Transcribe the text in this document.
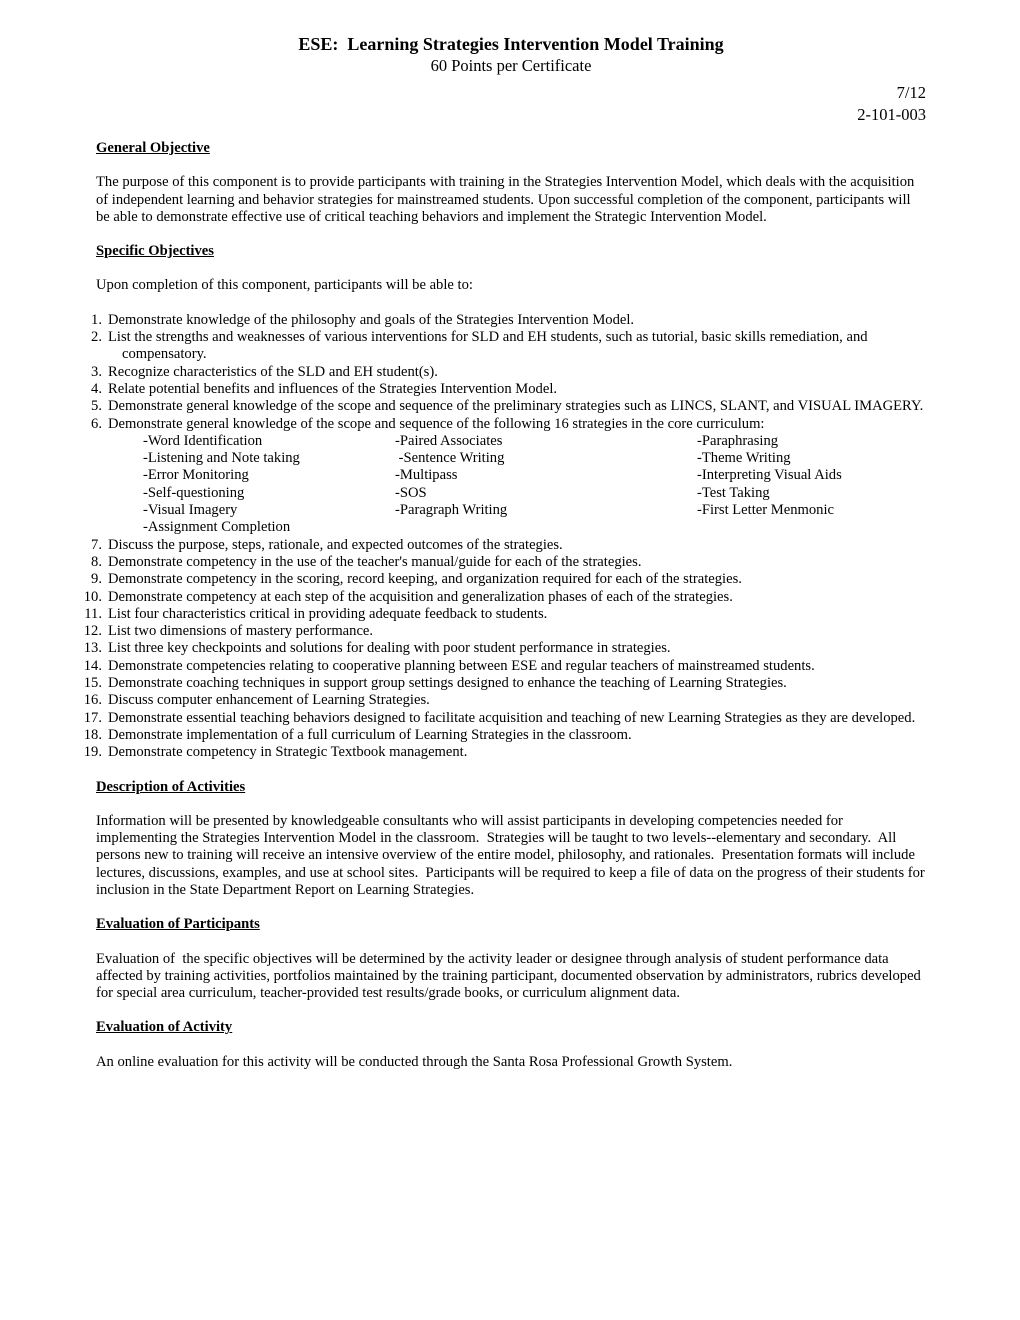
ESE:  Learning Strategies Intervention Model Training
60 Points per Certificate
7/12
2-101-003
General Objective

The purpose of this component is to provide participants with training in the Strategies Intervention Model, which deals with the acquisition of independent learning and behavior strategies for mainstreamed students. Upon successful completion of the component, participants will be able to demonstrate effective use of critical teaching behaviors and implement the Strategic Intervention Model.

Specific Objectives

Upon completion of this component, participants will be able to:

1. Demonstrate knowledge of the philosophy and goals of the Strategies Intervention Model.
2. List the strengths and weaknesses of various interventions for SLD and EH students, such as tutorial, basic skills remediation, and compensatory.
3. Recognize characteristics of the SLD and EH student(s).
4. Relate potential benefits and influences of the Strategies Intervention Model.
5. Demonstrate general knowledge of the scope and sequence of the preliminary strategies such as LINCS, SLANT, and VISUAL IMAGERY.
6. Demonstrate general knowledge of the scope and sequence of the following 16 strategies in the core curriculum:
-Word Identification
-Listening and Note taking
-Error Monitoring
-Self-questioning
-Visual Imagery
-Assignment Completion
-Paired Associates
-Sentence Writing
-Multipass
-SOS
-Paragraph Writing
-Paraphrasing
-Theme Writing
-Interpreting Visual Aids
-Test Taking
-First Letter Menmonic
7. Discuss the purpose, steps, rationale, and expected outcomes of the strategies.
8. Demonstrate competency in the use of the teacher's manual/guide for each of the strategies.
9. Demonstrate competency in the scoring, record keeping, and organization required for each of the strategies.
10. Demonstrate competency at each step of the acquisition and generalization phases of each of the strategies.
11. List four characteristics critical in providing adequate feedback to students.
12. List two dimensions of mastery performance.
13. List three key checkpoints and solutions for dealing with poor student performance in strategies.
14. Demonstrate competencies relating to cooperative planning between ESE and regular teachers of mainstreamed students.
15. Demonstrate coaching techniques in support group settings designed to enhance the teaching of Learning Strategies.
16. Discuss computer enhancement of Learning Strategies.
17. Demonstrate essential teaching behaviors designed to facilitate acquisition and teaching of new Learning Strategies as they are developed.
18. Demonstrate implementation of a full curriculum of Learning Strategies in the classroom.
19. Demonstrate competency in Strategic Textbook management.
Description of Activities

Information will be presented by knowledgeable consultants who will assist participants in developing competencies needed for implementing the Strategies Intervention Model in the classroom.  Strategies will be taught to two levels--elementary and secondary.  All persons new to training will receive an intensive overview of the entire model, philosophy, and rationales.  Presentation formats will include lectures, discussions, examples, and use at school sites.  Participants will be required to keep a file of data on the progress of their students for inclusion in the State Department Report on Learning Strategies.

Evaluation of Participants

Evaluation of  the specific objectives will be determined by the activity leader or designee through analysis of student performance data affected by training activities, portfolios maintained by the training participant, documented observation by administrators, rubrics developed for special area curriculum, teacher-provided test results/grade books, or curriculum alignment data.

Evaluation of Activity

An online evaluation for this activity will be conducted through the Santa Rosa Professional Growth System.
